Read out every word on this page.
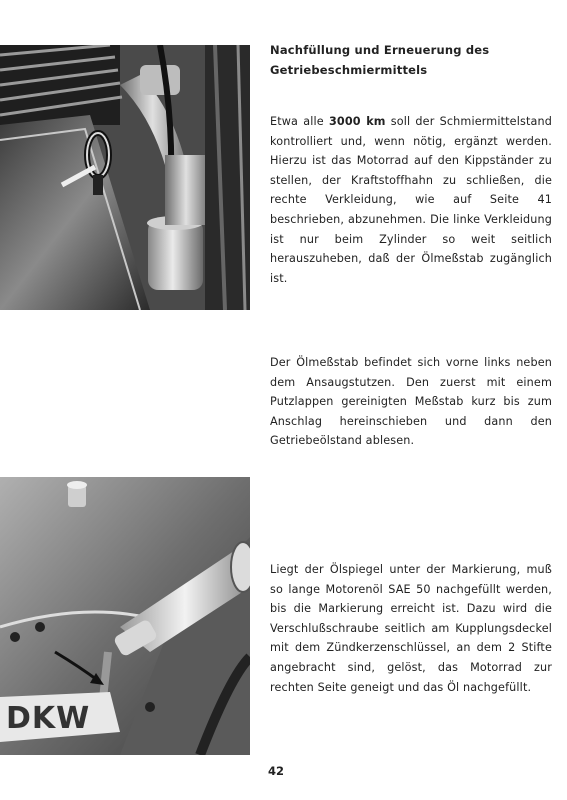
Nachfüllung und Erneuerung des
Getriebeschmiermittels

Etwa alle 3000 km soll der Schmiermittelstand kontrolliert und, wenn nötig, ergänzt werden. Hierzu ist das Motorrad auf den Kippständer zu stellen, der Kraftstoffhahn zu schließen, die rechte Verkleidung, wie auf Seite 41 beschrieben, abzunehmen. Die linke Verkleidung ist nur beim Zylinder so weit seitlich herauszuheben, daß der Ölmeßstab zugänglich ist.

Der Ölmeßstab befindet sich vorne links neben dem Ansaugstutzen. Den zuerst mit einem Putzlappen gereinigten Meßstab kurz bis zum Anschlag hereinschieben und dann den Getriebeölstand ablesen.

DKW

Liegt der Ölspiegel unter der Markierung, muß so lange Motorenöl SAE 50 nachgefüllt werden, bis die Markierung erreicht ist. Dazu wird die Verschlußschraube seitlich am Kupplungsdeckel mit dem Zündkerzenschlüssel, an dem 2 Stifte angebracht sind, gelöst, das Motorrad zur rechten Seite geneigt und das Öl nachgefüllt.

42
